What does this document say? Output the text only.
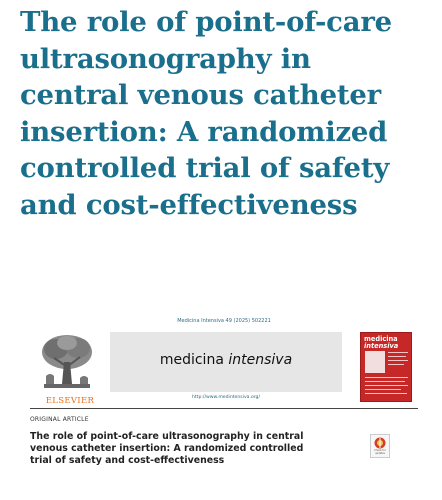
The role of point-of-care
ultrasonography in
central venous catheter
insertion: A randomized
controlled trial of safety
and cost-effectiveness
Medicina Intensiva 49 (2025) 502221
ELSEVIER
medicina intensiva
http://www.medintensiva.org/
medicina
intensiva
ORIGINAL ARTICLE
The role of point-of-care ultrasonography in central
venous catheter insertion: A randomized controlled
trial of safety and cost-effectiveness
Check for updates
